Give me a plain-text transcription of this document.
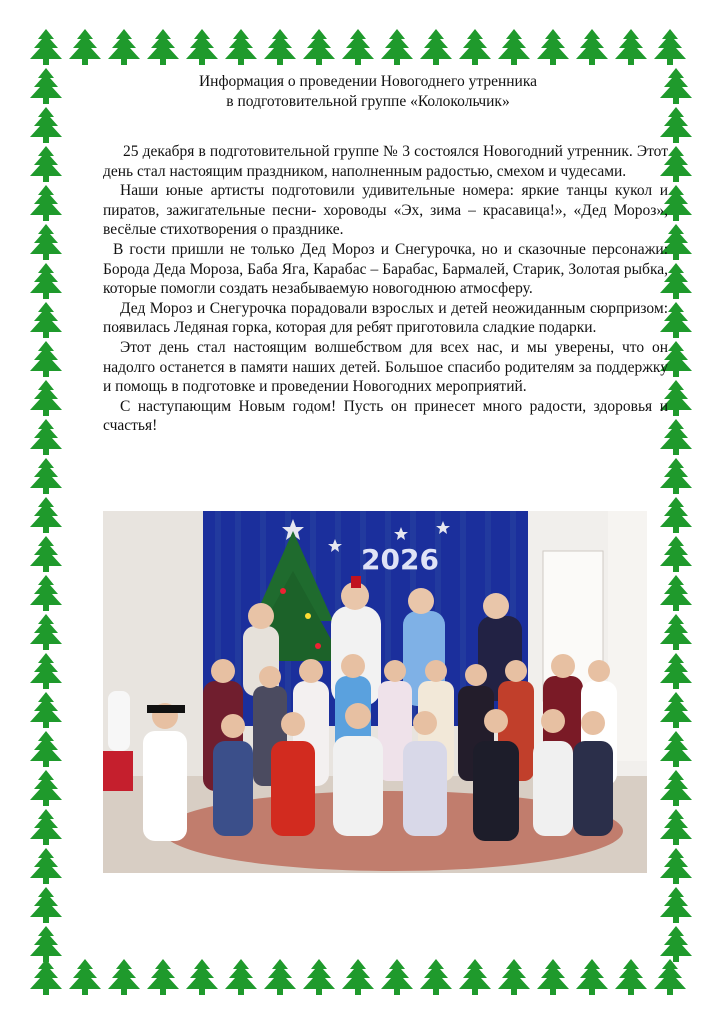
Информация о проведении Новогоднего утренника
в подготовительной группе «Колокольчик»

25 декабря в подготовительной группе № 3 состоялся Новогодний утренник. Этот день стал настоящим праздником, наполненным радостью, смехом и чудесами.

Наши юные артисты подготовили удивительные номера: яркие танцы кукол и пиратов, зажигательные песни- хороводы «Эх, зима – красавица!», «Дед Мороз», весёлые стихотворения о празднике.

В гости пришли не только Дед Мороз и Снегурочка, но и сказочные персонажи: Борода Деда Мороза, Баба Яга, Карабас – Барабас, Бармалей, Старик, Золотая рыбка, которые помогли создать незабываемую новогоднюю атмосферу.

Дед Мороз и Снегурочка порадовали взрослых и детей неожиданным сюрпризом: появилась Ледяная горка, которая для ребят приготовила сладкие подарки.

Этот день стал настоящим волшебством для всех нас, и мы уверены, что он надолго останется в памяти наших детей. Большое спасибо родителям за поддержку и помощь в подготовке и проведении Новогодних мероприятий.

С наступающим Новым годом! Пусть он принесет много радости, здоровья и счастья!

2026
